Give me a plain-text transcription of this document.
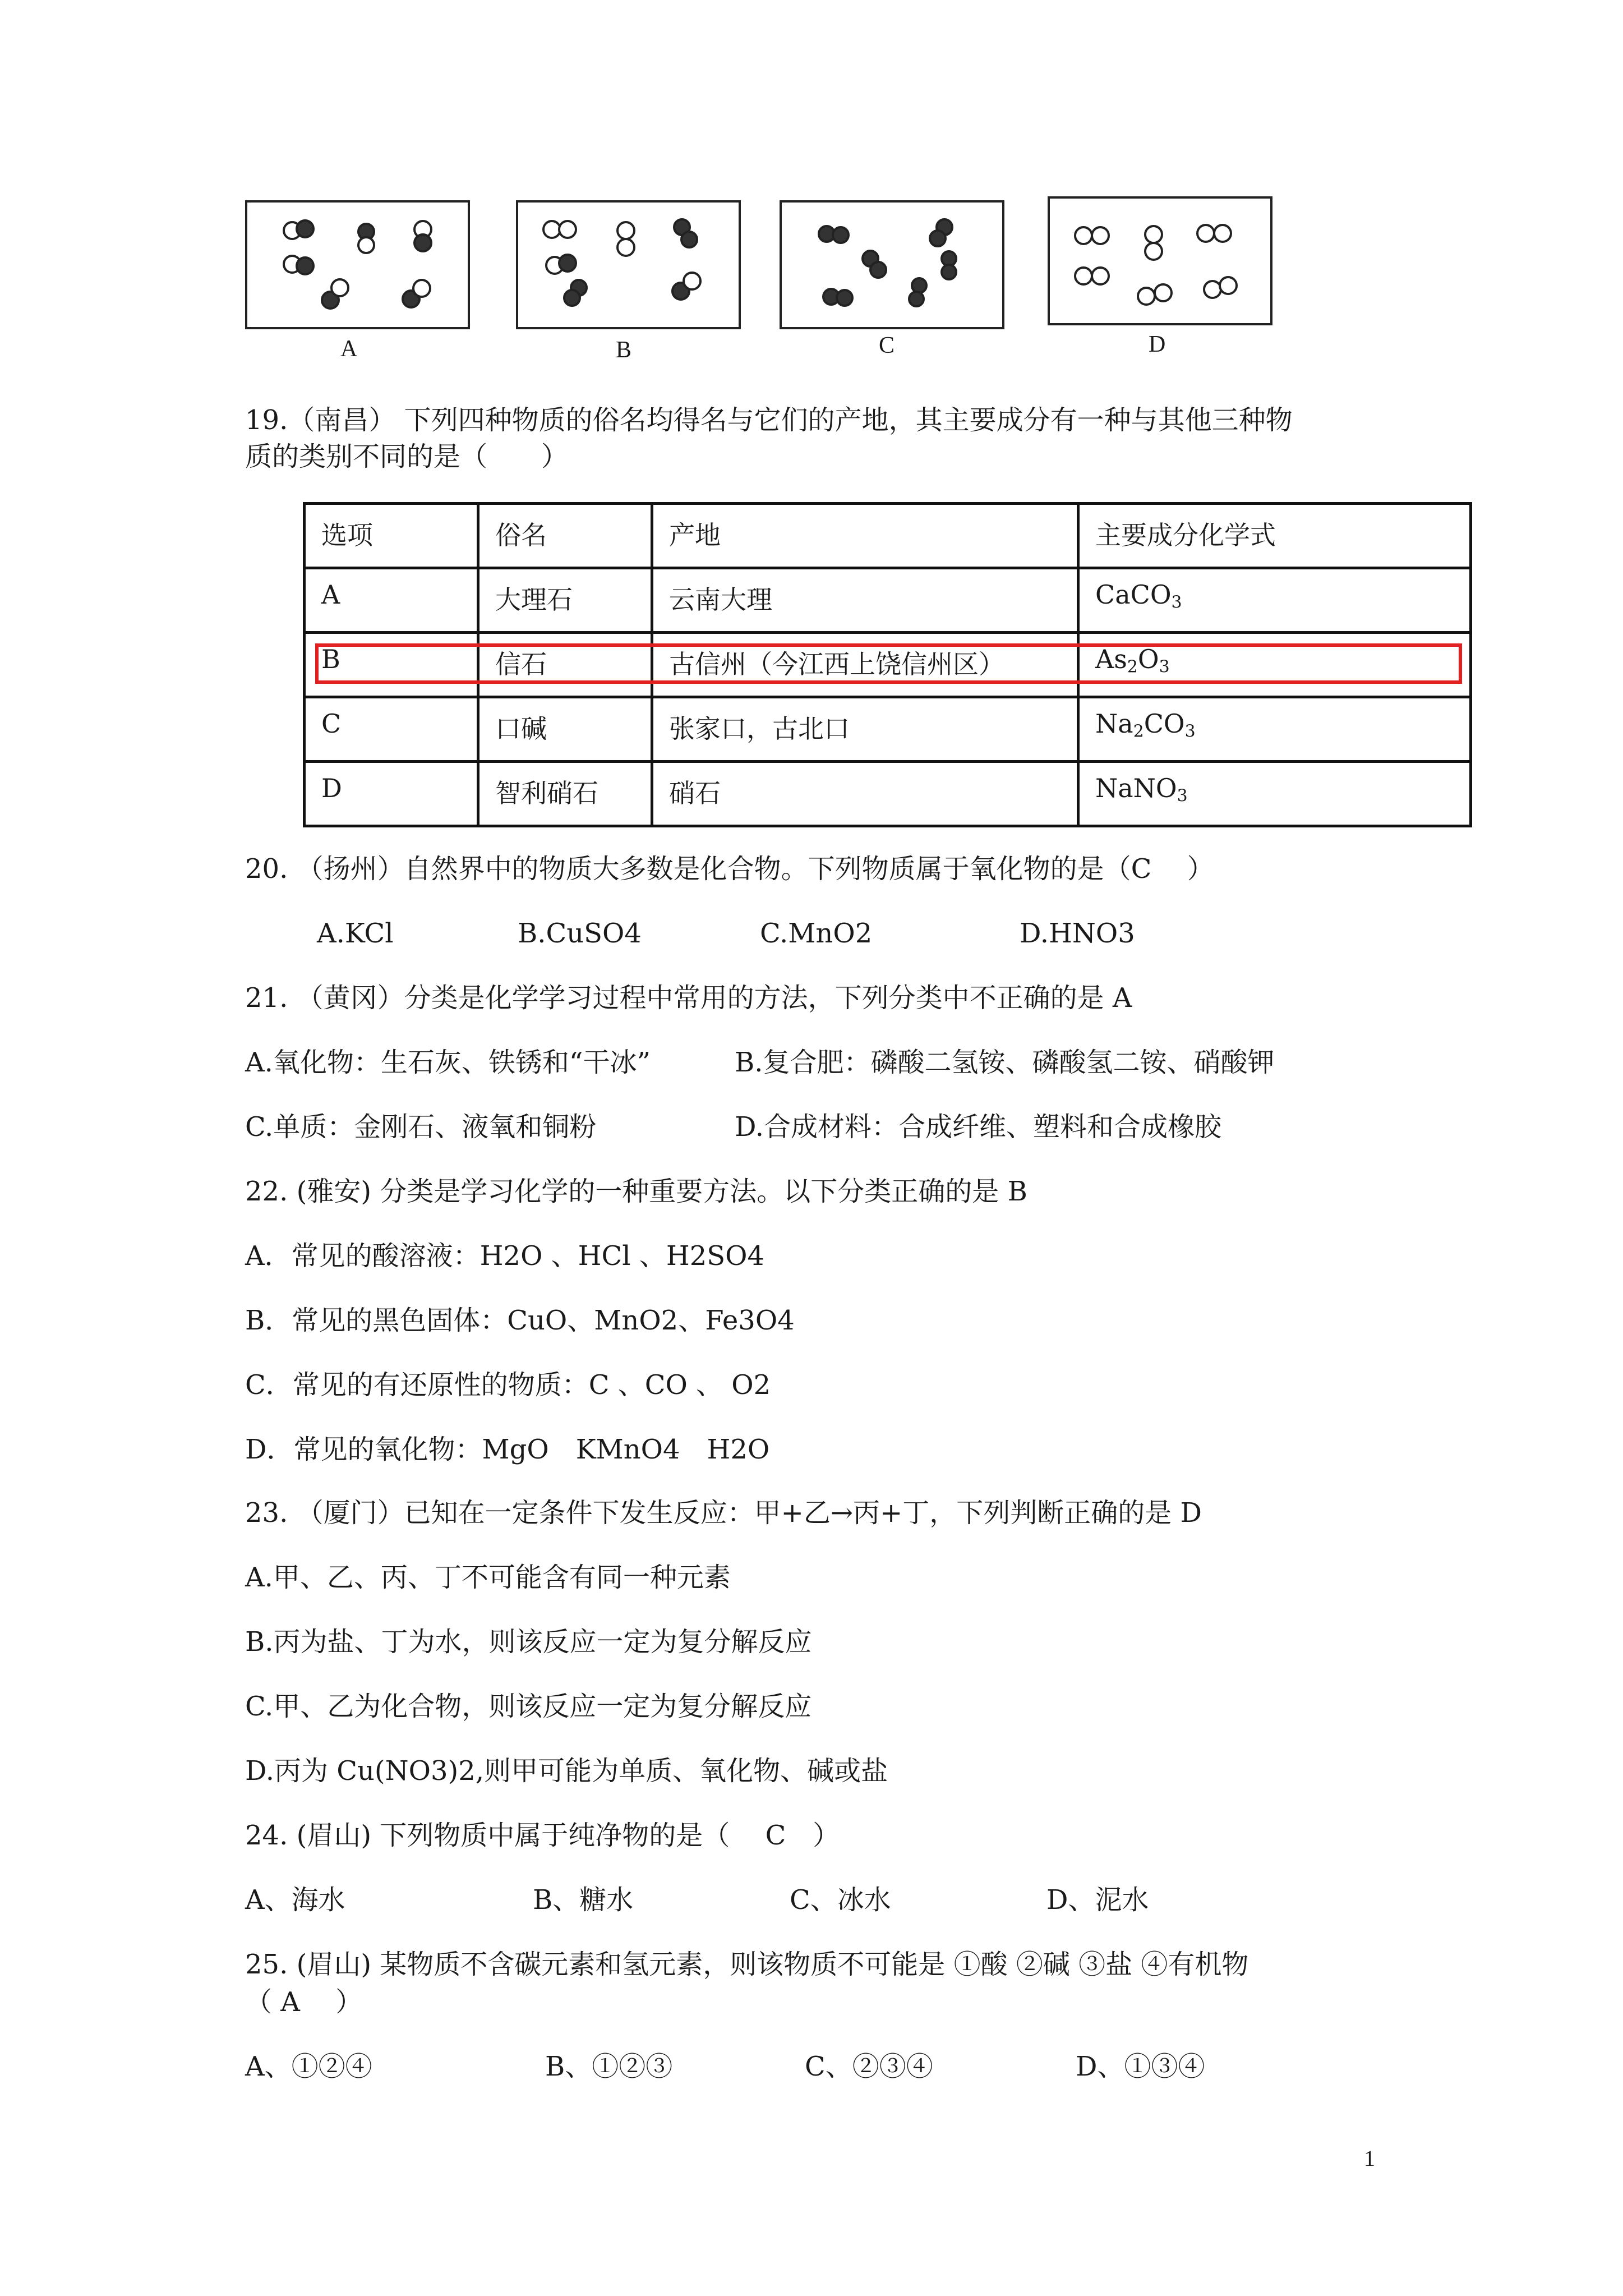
A	B	C	D
19.（南昌） 下列四种物质的俗名均得名与它们的产地，其主要成分有一种与其他三种物
质的类别不同的是（　　）
选项	俗名	产地	主要成分化学式
A	大理石	云南大理	CaCO$_3$
B	信石	古信州（今江西上饶信州区）	$As_2O_3$
C	口碱	张家口，古北口	$Na_2CO_3$
D	智利硝石	硝石	NaNO$_3$
20. （扬州）自然界中的物质大多数是化合物。下列物质属于氧化物的是（C　 ）
A.KCl	B.CuSO4	C.MnO2	D.HNO3
21. （黄冈）分类是化学学习过程中常用的方法，下列分类中不正确的是 A
A.氧化物：生石灰、铁锈和“干冰”	B.复合肥：磷酸二氢铵、磷酸氢二铵、硝酸钾
C.单质：金刚石、液氧和铜粉	D.合成材料：合成纤维、塑料和合成橡胶
22. (雅安) 分类是学习化学的一种重要方法。以下分类正确的是 B
A．常见的酸溶液：H2O 、HCl 、H2SO4
B．常见的黑色固体：CuO、MnO2、Fe3O4
C．常见的有还原性的物质：C 、CO 、 O2
D．常见的氧化物：MgO　KMnO4　H2O
23. （厦门）已知在一定条件下发生反应：甲+乙→丙+丁，下列判断正确的是 D
A.甲、乙、丙、丁不可能含有同一种元素
B.丙为盐、丁为水，则该反应一定为复分解反应
C.甲、乙为化合物，则该反应一定为复分解反应
D.丙为 Cu(NO3)2,则甲可能为单质、氧化物、碱或盐
24. (眉山) 下列物质中属于纯净物的是（　 C　）
A、海水	B、糖水	C、冰水	D、泥水
25. (眉山) 某物质不含碳元素和氢元素，则该物质不可能是 ①酸 ②碱 ③盐 ④有机物
（ A　 ）
A、①②④	B、①②③	C、②③④	D、①③④
1
